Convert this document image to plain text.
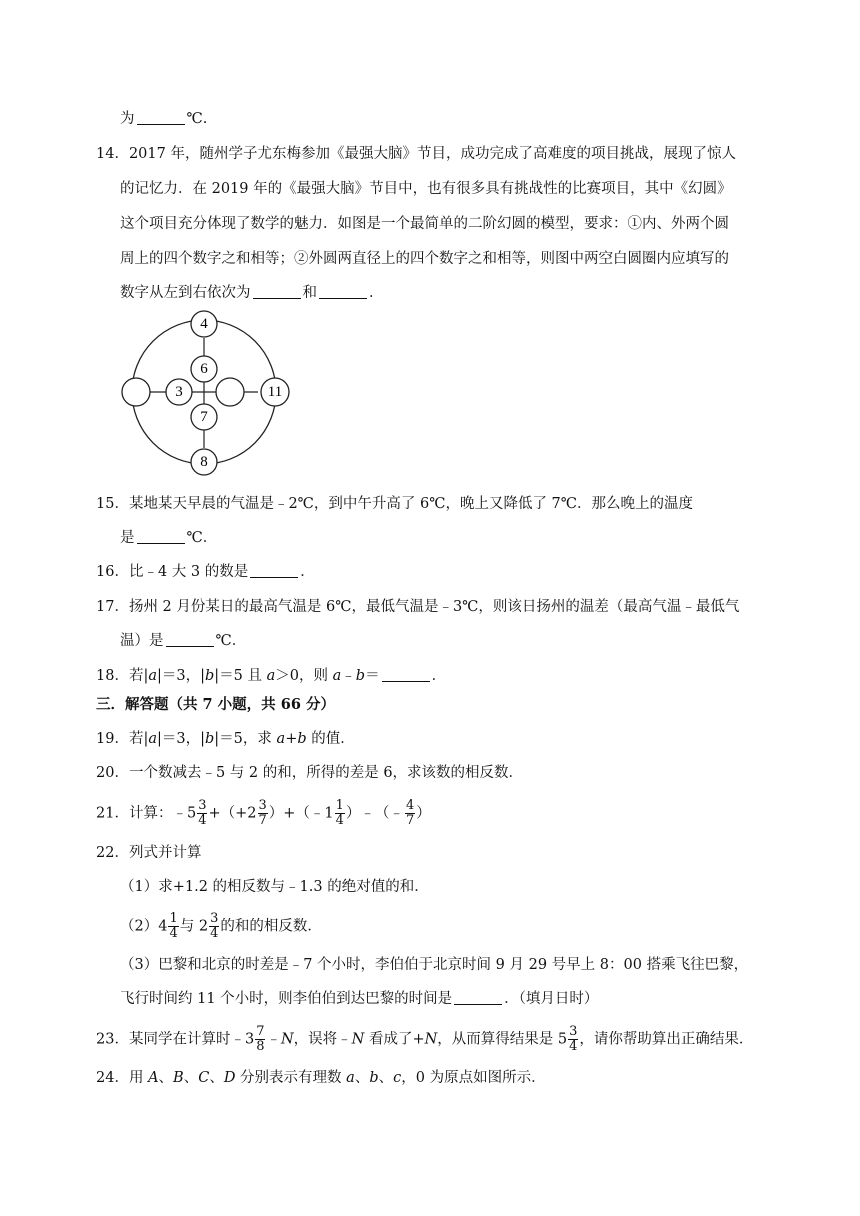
为	℃.
14．2017 年，随州学子尤东梅参加《最强大脑》节目，成功完成了高难度的项目挑战，展现了惊人
的记忆力．在 2019 年的《最强大脑》节目中，也有很多具有挑战性的比赛项目，其中《幻圆》
这个项目充分体现了数学的魅力．如图是一个最简单的二阶幻圆的模型，要求：①内、外两个圆
周上的四个数字之和相等；②外圆两直径上的四个数字之和相等，则图中两空白圆圈内应填写的
数字从左到右依次为	和	．
4
6
3	11
7
8
15．某地某天早晨的气温是﹣2℃，到中午升高了 6℃，晚上又降低了 7℃．那么晚上的温度
是	℃．
16．比﹣4 大 3 的数是	．
17．扬州 2 月份某日的最高气温是 6℃，最低气温是﹣3℃，则该日扬州的温差（最高气温﹣最低气
温）是	℃．
18．若|a|＝3，|b|＝5 且 a＞0，则 a﹣b＝	．
三．解答题（共 7 小题，共 66 分）
19．若|a|＝3，|b|＝5，求 a+b 的值．
20．一个数减去﹣5 与 2 的和，所得的差是 6，求该数的相反数．
21．计算：﹣5 $\frac{3}{4} +(+2 \frac{3}{7}$ ）+（﹣1 $\frac{1}{4}$ ）﹣（﹣ $\frac{4}{7}$ ）
22．列式并计算
（1）求+1.2 的相反数与﹣1.3 的绝对值的和．
$(2)4 \frac{1}{4}$ 与 $2 \frac{3}{4}$ 的和的相反数．
（3）巴黎和北京的时差是﹣7 个小时，李伯伯于北京时间 9 月 29 号早上 8：00 搭乘飞往巴黎，
飞行时间约 11 个小时，则李伯伯到达巴黎的时间是	．（填月日时）
23．某同学在计算时﹣3 $\frac{7}{8}$ ﹣N，误将﹣N 看成了+N，从而算得结果是 $5 \frac{3}{4}$ ，请你帮助算出正确结果．
24．用 A、B、C、D 分别表示有理数 a、b、c，0 为原点如图所示．
